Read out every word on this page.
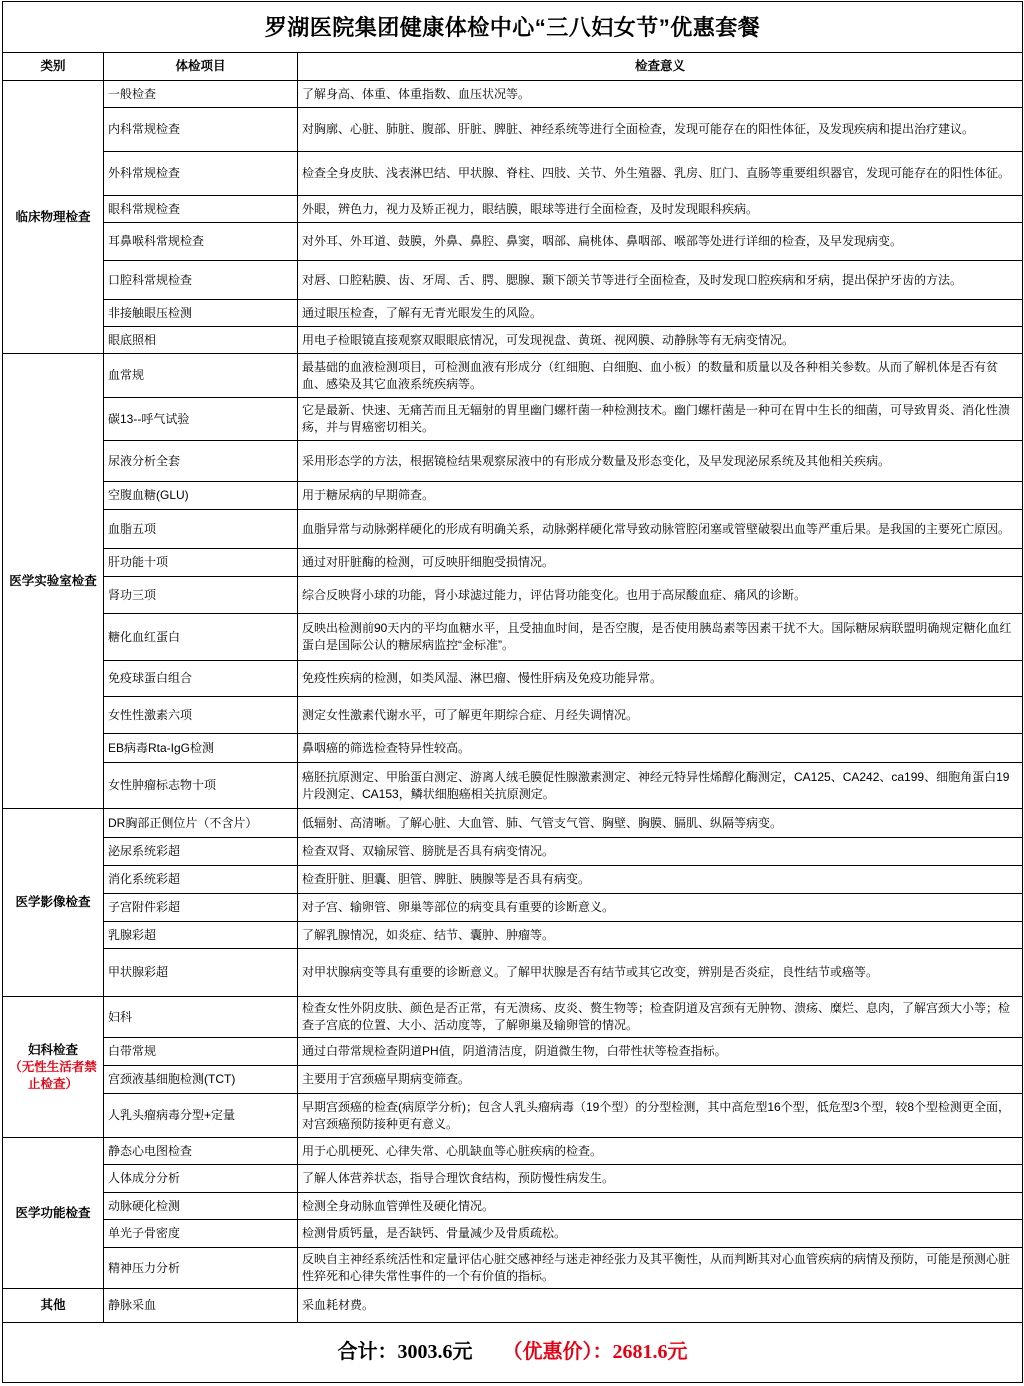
罗湖医院集团健康体检中心“三八妇女节”优惠套餐		
类别	体检项目	检查意义
临床物理检查	一般检查	了解身高、体重、体重指数、血压状况等。
	内科常规检查	对胸廓、心脏、肺脏、腹部、肝脏、脾脏、神经系统等进行全面检查，发现可能存在的阳性体征，及发现疾病和提出治疗建议。
	外科常规检查	检查全身皮肤、浅表淋巴结、甲状腺、脊柱、四肢、关节、外生殖器、乳房、肛门、直肠等重要组织器官，发现可能存在的阳性体征。
	眼科常规检查	外眼，辨色力，视力及矫正视力，眼结膜，眼球等进行全面检查，及时发现眼科疾病。
	耳鼻喉科常规检查	对外耳、外耳道、鼓膜，外鼻、鼻腔、鼻窦，咽部、扁桃体、鼻咽部、喉部等处进行详细的检查，及早发现病变。
	口腔科常规检查	对唇、口腔粘膜、齿、牙周、舌、腭、腮腺、颞下颌关节等进行全面检查，及时发现口腔疾病和牙病，提出保护牙齿的方法。
	非接触眼压检测	通过眼压检查，了解有无青光眼发生的风险。
	眼底照相	用电子检眼镜直接观察双眼眼底情况，可发现视盘、黄斑、视网膜、动静脉等有无病变情况。
医学实验室检查	血常规	最基础的血液检测项目，可检测血液有形成分（红细胞、白细胞、血小板）的数量和质量以及各种相关参数。从而了解机体是否有贫血、感染及其它血液系统疾病等。
	碳13--呼气试验	它是最新、快速、无痛苦而且无辐射的胃里幽门螺杆菌一种检测技术。幽门螺杆菌是一种可在胃中生长的细菌，可导致胃炎、消化性溃疡，并与胃癌密切相关。
	尿液分析全套	采用形态学的方法，根据镜检结果观察尿液中的有形成分数量及形态变化，及早发现泌尿系统及其他相关疾病。
	空腹血糖(GLU)	用于糖尿病的早期筛查。
	血脂五项	血脂异常与动脉粥样硬化的形成有明确关系，动脉粥样硬化常导致动脉管腔闭塞或管壁破裂出血等严重后果。是我国的主要死亡原因。
	肝功能十项	通过对肝脏酶的检测，可反映肝细胞受损情况。
	肾功三项	综合反映肾小球的功能，肾小球滤过能力，评估肾功能变化。也用于高尿酸血症、痛风的诊断。
	糖化血红蛋白	反映出检测前90天内的平均血糖水平，且受抽血时间，是否空腹，是否使用胰岛素等因素干扰不大。国际糖尿病联盟明确规定糖化血红蛋白是国际公认的糖尿病监控“金标准”。
	免疫球蛋白组合	免疫性疾病的检测，如类风湿、淋巴瘤、慢性肝病及免疫功能异常。
	女性性激素六项	测定女性激素代谢水平，可了解更年期综合症、月经失调情况。
	EB病毒Rta-IgG检测	鼻咽癌的筛选检查特异性较高。
	女性肿瘤标志物十项	癌胚抗原测定、甲胎蛋白测定、游离人绒毛膜促性腺激素测定、神经元特异性烯醇化酶测定，CA125、CA242、ca199、细胞角蛋白19片段测定、CA153，鳞状细胞癌相关抗原测定。
医学影像检查	DR胸部正侧位片（不含片）	低辐射、高清晰。了解心脏、大血管、肺、气管支气管、胸壁、胸膜、膈肌、纵隔等病变。
	泌尿系统彩超	检查双肾、双输尿管、膀胱是否具有病变情况。
	消化系统彩超	检查肝脏、胆囊、胆管、脾脏、胰腺等是否具有病变。
	子宫附件彩超	对子宫、输卵管、卵巢等部位的病变具有重要的诊断意义。
	乳腺彩超	了解乳腺情况，如炎症、结节、囊肿、肿瘤等。
	甲状腺彩超	对甲状腺病变等具有重要的诊断意义。了解甲状腺是否有结节或其它改变，辨别是否炎症，良性结节或癌等。
妇科检查
（无性生活者禁止检查）	妇科	检查女性外阴皮肤、颜色是否正常，有无溃疡、皮炎、赘生物等；检查阴道及宫颈有无肿物、溃疡、糜烂、息肉，了解宫颈大小等；检查子宫底的位置、大小、活动度等，了解卵巢及输卵管的情况。
	白带常规	通过白带常规检查阴道PH值，阴道清洁度，阴道微生物，白带性状等检查指标。
	宫颈液基细胞检测(TCT)	主要用于宫颈癌早期病变筛查。
	人乳头瘤病毒分型+定量	早期宫颈癌的检查(病原学分析)；包含人乳头瘤病毒（19个型）的分型检测，其中高危型16个型，低危型3个型，较8个型检测更全面，对宫颈癌预防接种更有意义。
医学功能检查	静态心电图检查	用于心肌梗死、心律失常、心肌缺血等心脏疾病的检查。
	人体成分分析	了解人体营养状态，指导合理饮食结构，预防慢性病发生。
	动脉硬化检测	检测全身动脉血管弹性及硬化情况。
	单光子骨密度	检测骨质钙量，是否缺钙、骨量减少及骨质疏松。
	精神压力分析	反映自主神经系统活性和定量评估心脏交感神经与迷走神经张力及其平衡性，从而判断其对心血管疾病的病情及预防，可能是预测心脏性猝死和心律失常性事件的一个有价值的指标。
其他	静脉采血	采血耗材费。
合计：3003.6元 （优惠价）：2681.6元		
